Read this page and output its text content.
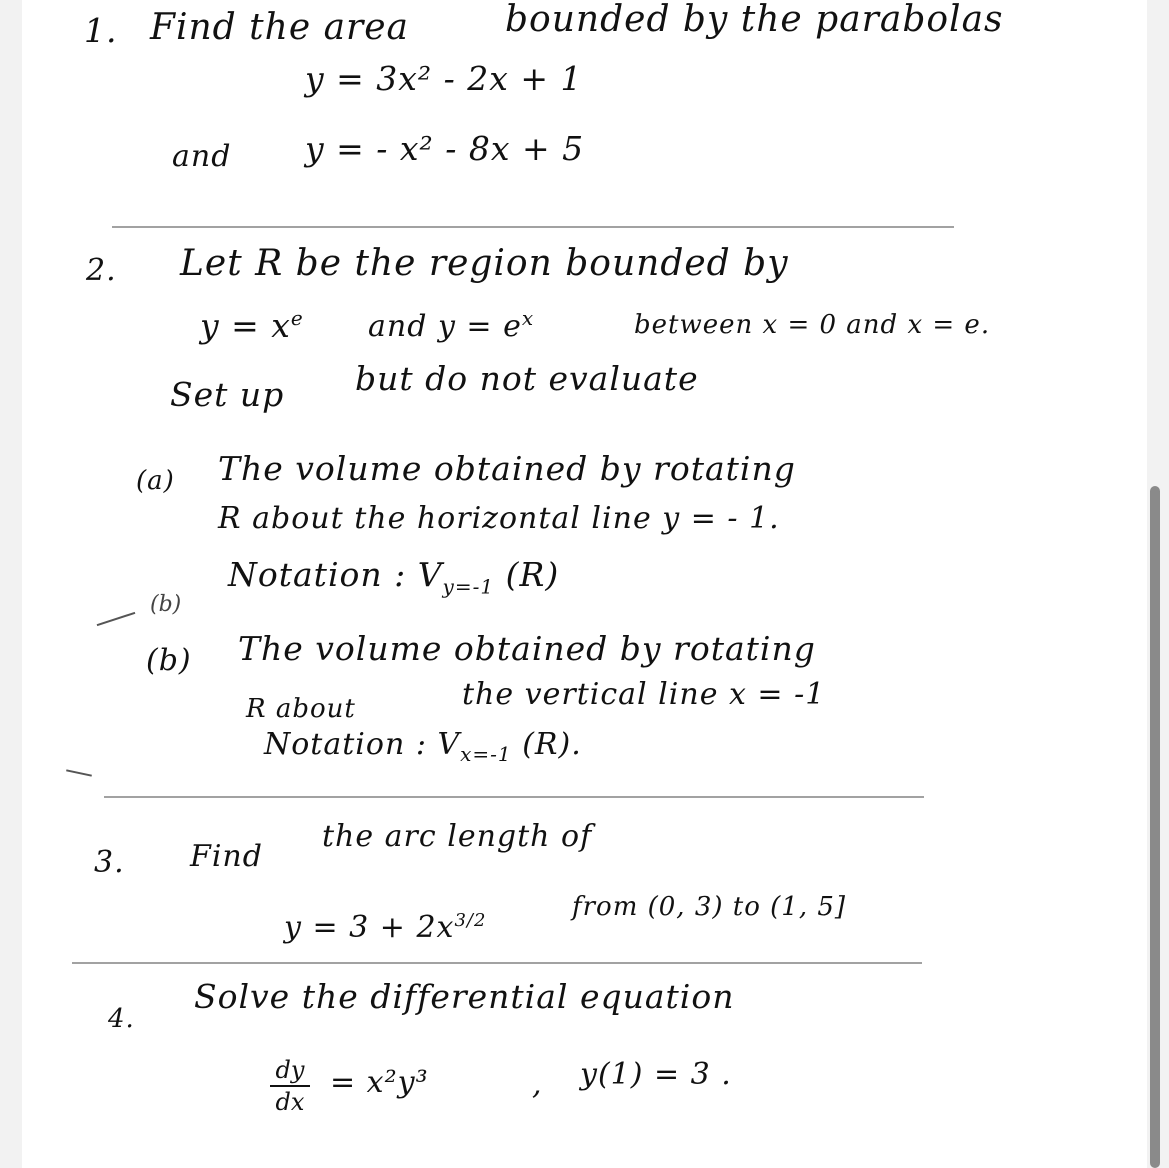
1. Find the area	bounded by the parabolas
y = 3x² - 2x + 1
and y = - x² - 8x + 5
2. Let R be the region bounded by
$y = x^e$ and $y = e^x$	between x = 0 and x = e.
Set up but do not evaluate
(a) The volume obtained by rotating
R about the horizontal line y = - 1.
Notation : $V_{y=-1}$ (R)
(b)
(b) The volume obtained by rotating
R about	the vertical line x = -1
Notation : $V_{x=-1}$ (R).
3. Find
the arc length of
$y = 3 + 2x^{3/2}$	from (0, 3) to (1, 5]
4.
Solve the differential equation
dy
dx
= x²y³	, y(1) = 3 .
